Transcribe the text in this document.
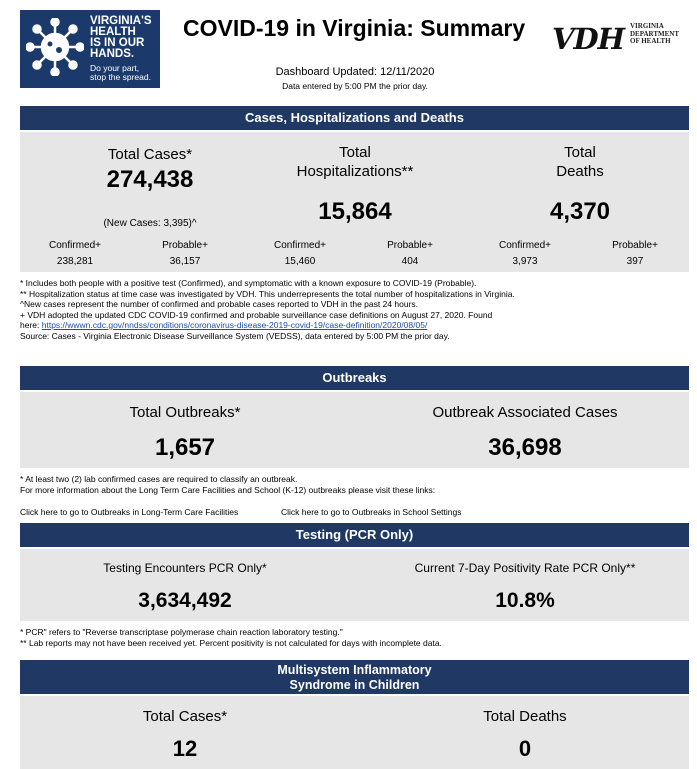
VIRGINIA'S
HEALTH
IS IN OUR
HANDS.
Do your part,
stop the spread.
COVID-19 in Virginia: Summary VDH VIRGINIA
DEPARTMENT
OF HEALTH
Dashboard Updated: 12/11/2020
Data entered by 5:00 PM the prior day.
Cases, Hospitalizations and Deaths
Total Cases*
274,438
(New Cases: 3,395)^
Total
Hospitalizations**
15,864
Total
Deaths
4,370
Confirmed+
238,281
Probable+
36,157
Confirmed+
15,460
Probable+
404
Confirmed+
3,973
Probable+
397
* Includes both people with a positive test (Confirmed), and symptomatic with a known exposure to COVID-19 (Probable).
** Hospitalization status at time case was investigated by VDH. This underrepresents the total number of hospitalizations in Virginia.
^New cases represent the number of confirmed and probable cases reported to VDH in the past 24 hours.
+ VDH adopted the updated CDC COVID-19 confirmed and probable surveillance case definitions on August 27, 2020. Found
here: https://wwwn.cdc.gov/nndss/conditions/coronavirus-disease-2019-covid-19/case-definition/2020/08/05/
Source: Cases - Virginia Electronic Disease Surveillance System (VEDSS), data entered by 5:00 PM the prior day.
Outbreaks
Total Outbreaks*
1,657
Outbreak Associated Cases
36,698
* At least two (2) lab confirmed cases are required to classify an outbreak.
For more information about the Long Term Care Facilities and School (K-12) outbreaks please visit these links:
Click here to go to Outbreaks in Long-Term Care Facilities	Click here to go to Outbreaks in School Settings
Testing (PCR Only)
Testing Encounters PCR Only*
3,634,492
Current 7-Day Positivity Rate PCR Only**
10.8%
* PCR" refers to "Reverse transcriptase polymerase chain reaction laboratory testing."
** Lab reports may not have been received yet. Percent positivity is not calculated for days with incomplete data.
Multisystem Inflammatory
Syndrome in Children
Total Cases*
12
Total Deaths
0
